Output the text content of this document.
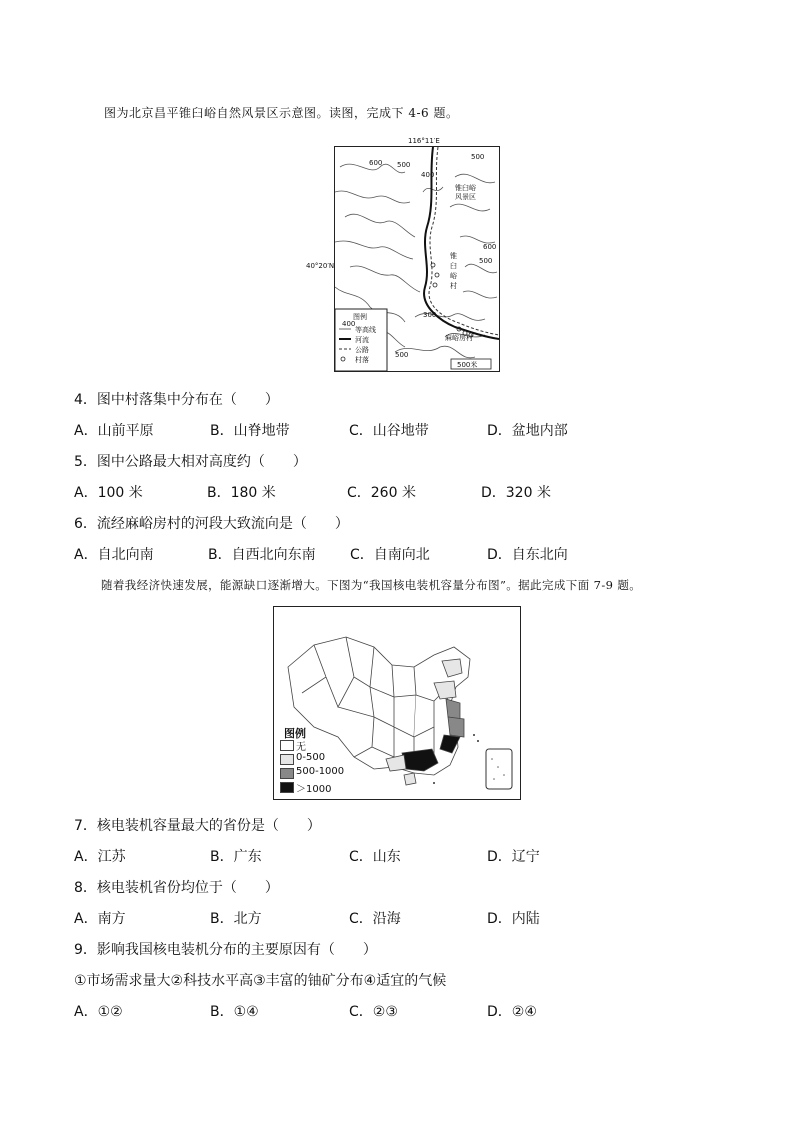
图为北京昌平锥臼峪自然风景区示意图。读图，完成下 4-6 题。
116°11′E
40°20′N
600 500
400
500
600
500
300
500
锥臼峪
风景区
锥
臼
峪
村
麻峪房村
图例
400
等高线
河流
公路
村落
500米
4．图中村落集中分布在（　　）
A．山前平原	B．山脊地带	C．山谷地带	D．盆地内部
5．图中公路最大相对高度约（　　）
A．100 米	B．180 米	C．260 米	D．320 米
6．流经麻峪房村的河段大致流向是（　　）
A．自北向南	B．自西北向东南 C．自南向北	D．自东北向
随着我经济快速发展，能源缺口逐渐增大。下图为“我国核电装机容量分布图”。据此完成下面 7-9 题。
图例
无
0-500
500-1000
＞1000
7．核电装机容量最大的省份是（　　）
A．江苏	B．广东	C．山东	D．辽宁
8．核电装机省份均位于（　　）
A．南方	B．北方	C．沿海	D．内陆
9．影响我国核电装机分布的主要原因有（　　）
①市场需求量大②科技水平高③丰富的铀矿分布④适宜的气候
A．①②	B．①④	C．②③	D．②④
